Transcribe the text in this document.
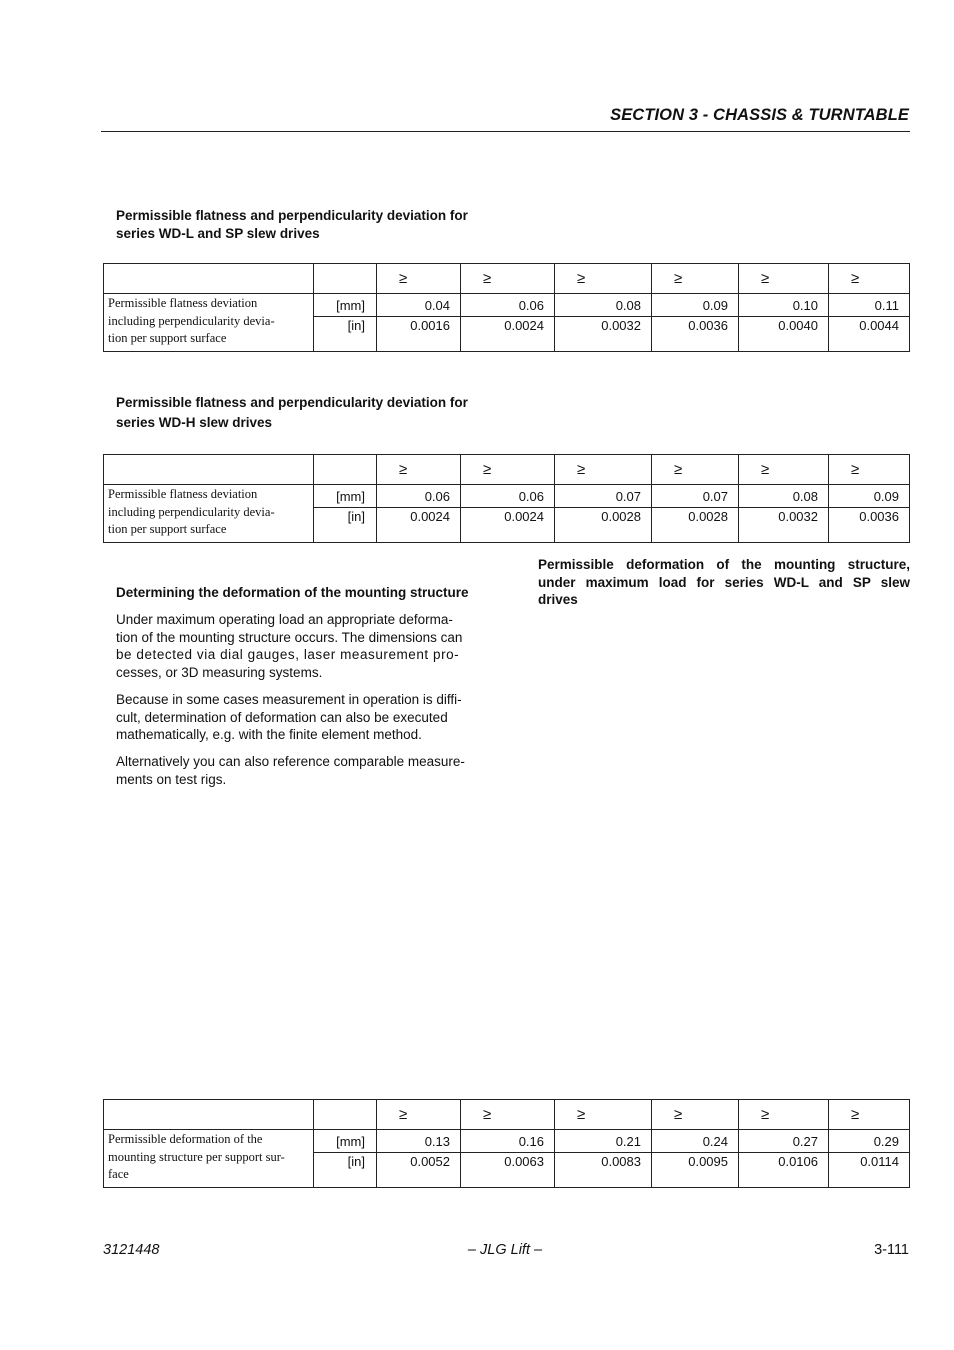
SECTION 3 - CHASSIS & TURNTABLE
Permissible flatness and perpendicularity deviation for
series WD-L and SP slew drives
		≥	≥	≥	≥	≥	≥

Permissible flatness deviation
including perpendicularity devia-
tion per support surface	[mm]	0.04	0.06	0.08	0.09	0.10	0.11
	[in]	0.0016	0.0024	0.0032	0.0036	0.0040	0.0044
Permissible flatness and perpendicularity deviation for
series WD-H slew drives
		≥	≥	≥	≥	≥	≥

Permissible flatness deviation
including perpendicularity devia-
tion per support surface	[mm]	0.06	0.06	0.07	0.07	0.08	0.09
	[in]	0.0024	0.0024	0.0028	0.0028	0.0032	0.0036
Determining the deformation of the mounting structure
Under maximum operating load an appropriate deforma-
tion of the mounting structure occurs. The dimensions can
be detected via dial gauges, laser measurement pro-
cesses, or 3D measuring systems.
Because in some cases measurement in operation is diffi-
cult, determination of deformation can also be executed
mathematically, e.g. with the finite element method.
Alternatively you can also reference comparable measure-
ments on test rigs.
Permissible deformation of the mounting structure,
under maximum load for series WD-L and SP slew
drives
		≥	≥	≥	≥	≥	≥

Permissible deformation of the
mounting structure per support sur-
face	[mm]	0.13	0.16	0.21	0.24	0.27	0.29
	[in]	0.0052	0.0063	0.0083	0.0095	0.0106	0.0114
3121448	– JLG Lift –	3-111
